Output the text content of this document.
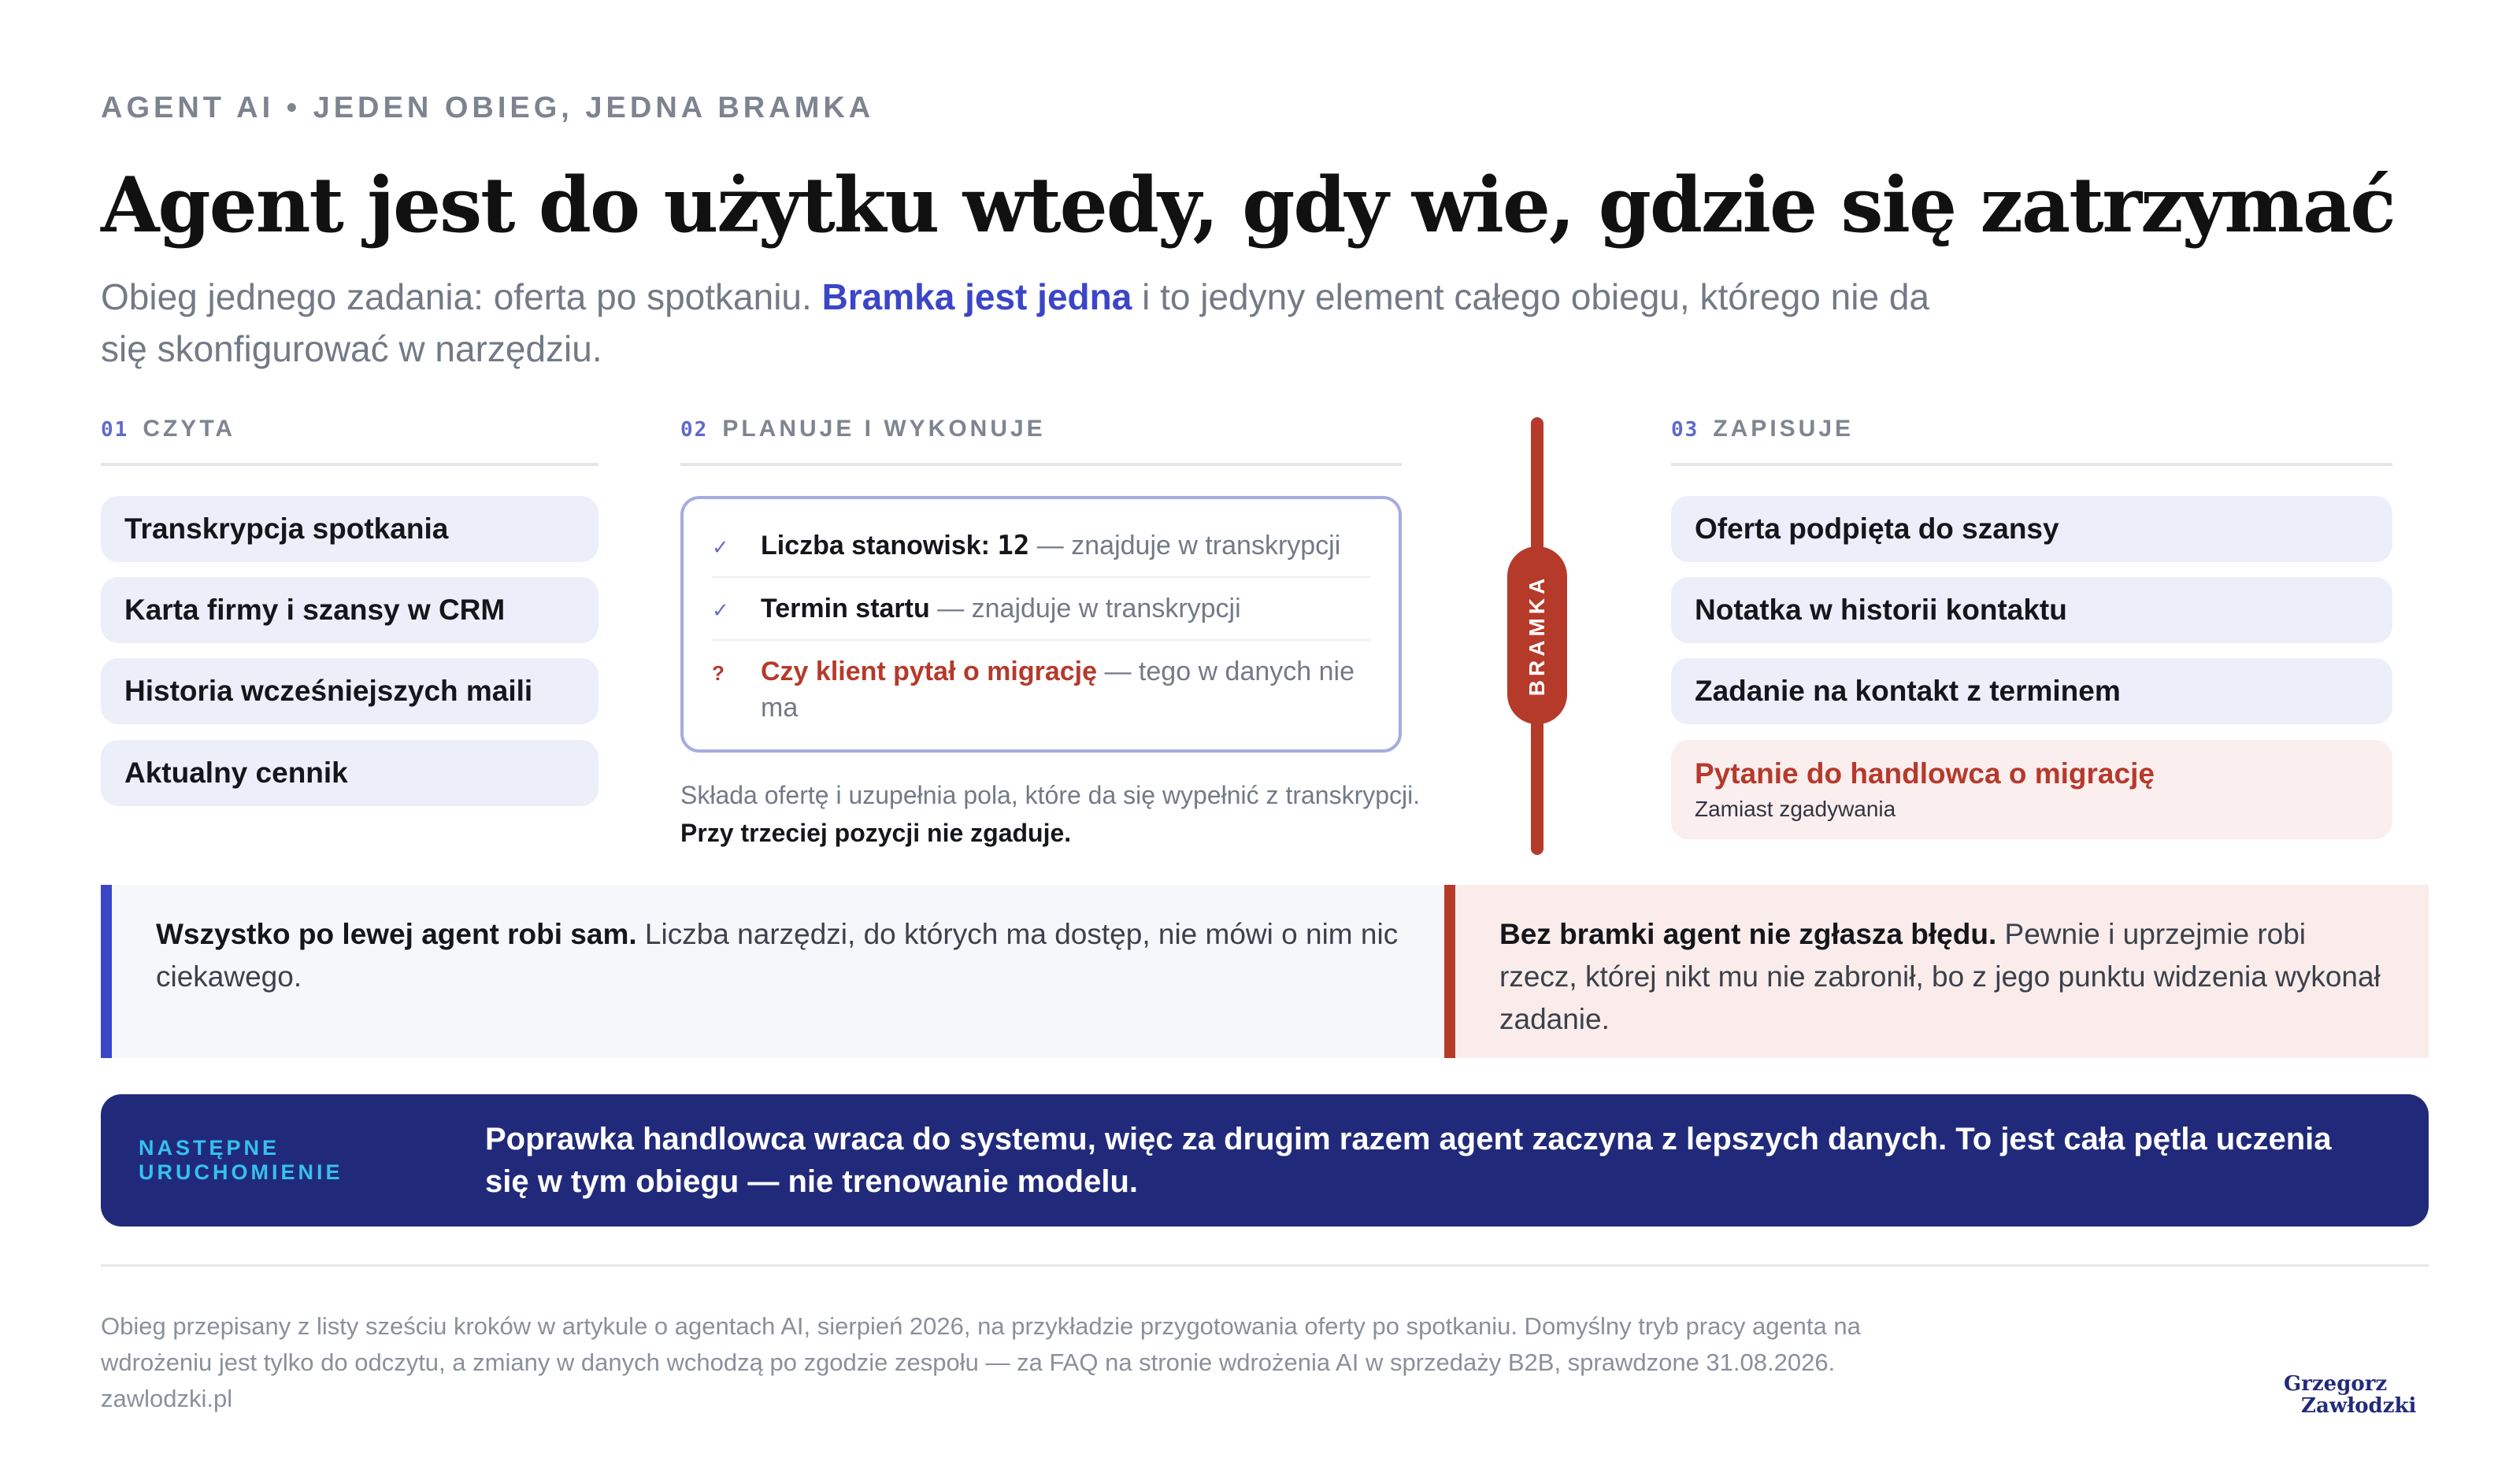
AGENT AI • JEDEN OBIEG, JEDNA BRAMKA
Agent jest do użytku wtedy, gdy wie, gdzie się zatrzymać

Obieg jednego zadania: oferta po spotkaniu. Bramka jest jedna i to jedyny element całego obiegu, którego nie da się skonfigurować w narzędziu.

01 CZYTA
Transkrypcja spotkania
Karta firmy i szansy w CRM
Historia wcześniejszych maili
Aktualny cennik
02 PLANUJE I WYKONUJE
✓	Liczba stanowisk: 12 — znajduje w transkrypcji
✓	Termin startu — znajduje w transkrypcji
?	Czy klient pytał o migrację — tego w danych nie ma

Składa ofertę i uzupełnia pola, które da się wypełnić z transkrypcji. Przy trzeciej pozycji nie zgaduje.

BRAMKA
03 ZAPISUJE
Oferta podpięta do szansy
Notatka w historii kontaktu
Zadanie na kontakt z terminem
Pytanie do handlowca o migrację
Zamiast zgadywania
Wszystko po lewej agent robi sam. Liczba narzędzi, do których ma dostęp, nie mówi o nim nic ciekawego.
Bez bramki agent nie zgłasza błędu. Pewnie i uprzejmie robi rzecz, której nikt mu nie zabronił, bo z jego punktu widzenia wykonał zadanie.
NASTĘPNE URUCHOMIENIE
Poprawka handlowca wraca do systemu, więc za drugim razem agent zaczyna z lepszych danych. To jest cała pętla uczenia się w tym obiegu — nie trenowanie modelu.

Obieg przepisany z listy sześciu kroków w artykule o agentach AI, sierpień 2026, na przykładzie przygotowania oferty po spotkaniu. Domyślny tryb pracy agenta na wdrożeniu jest tylko do odczytu, a zmiany w danych wchodzą po zgodzie zespołu — za FAQ na stronie wdrożenia AI w sprzedaży B2B, sprawdzone 31.08.2026. zawlodzki.pl

Grzegorz
Zawłodzki
